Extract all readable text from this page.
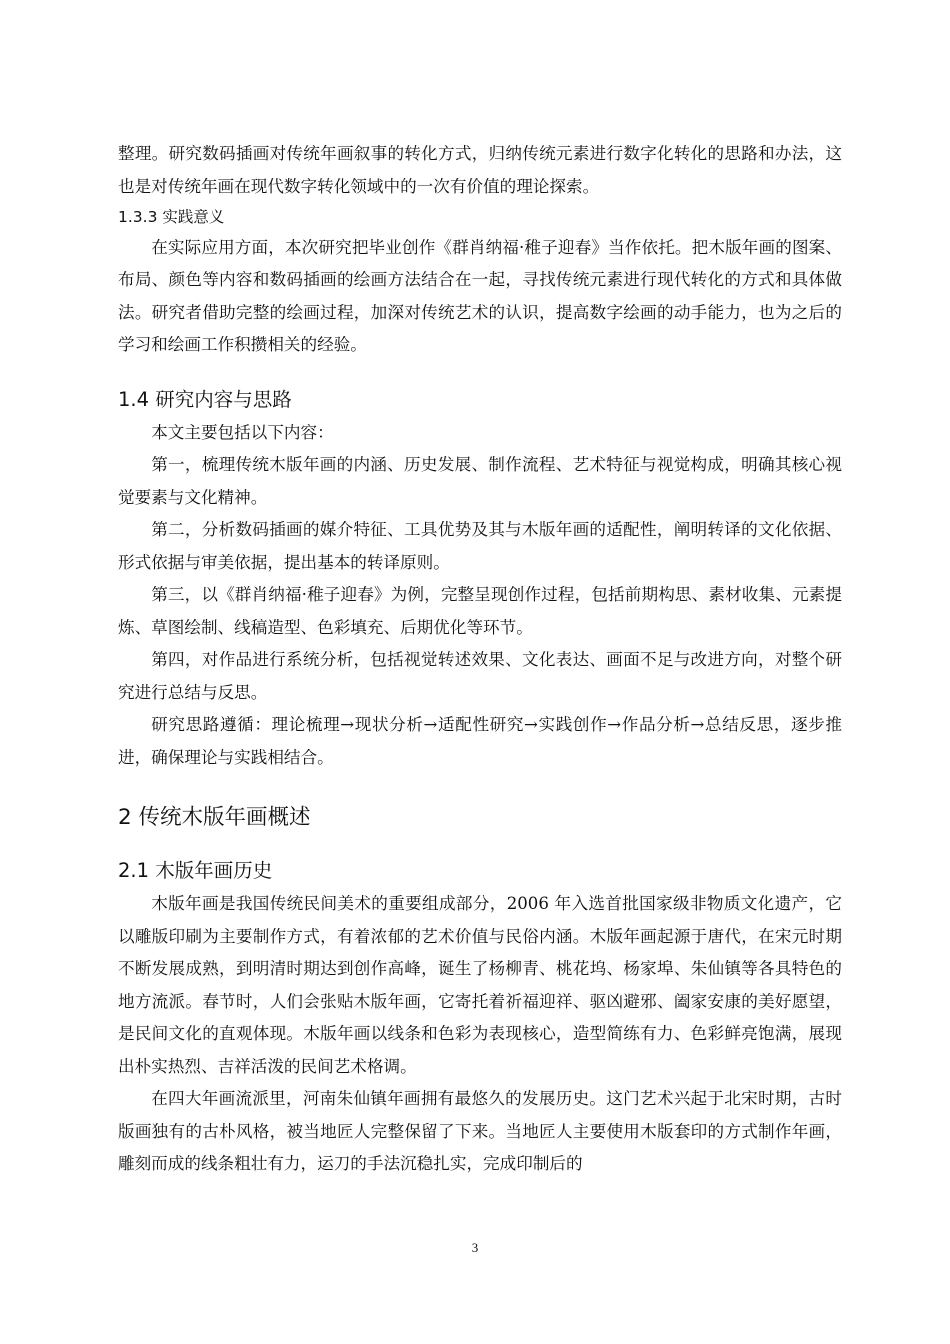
整理。研究数码插画对传统年画叙事的转化方式，归纳传统元素进行数字化转化的思路和办法，这也是对传统年画在现代数字转化领域中的一次有价值的理论探索。

1.3.3 实践意义

在实际应用方面，本次研究把毕业创作《群肖纳福·稚子迎春》当作依托。把木版年画的图案、布局、颜色等内容和数码插画的绘画方法结合在一起，寻找传统元素进行现代转化的方式和具体做法。研究者借助完整的绘画过程，加深对传统艺术的认识，提高数字绘画的动手能力，也为之后的学习和绘画工作积攒相关的经验。

1.4 研究内容与思路

本文主要包括以下内容：

第一，梳理传统木版年画的内涵、历史发展、制作流程、艺术特征与视觉构成，明确其核心视觉要素与文化精神。

第二，分析数码插画的媒介特征、工具优势及其与木版年画的适配性，阐明转译的文化依据、形式依据与审美依据，提出基本的转译原则。

第三，以《群肖纳福·稚子迎春》为例，完整呈现创作过程，包括前期构思、素材收集、元素提炼、草图绘制、线稿造型、色彩填充、后期优化等环节。

第四，对作品进行系统分析，包括视觉转述效果、文化表达、画面不足与改进方向，对整个研究进行总结与反思。

研究思路遵循：理论梳理→现状分析→适配性研究→实践创作→作品分析→总结反思，逐步推进，确保理论与实践相结合。

2 传统木版年画概述
2.1 木版年画历史

木版年画是我国传统民间美术的重要组成部分，2006 年入选首批国家级非物质文化遗产，它以雕版印刷为主要制作方式，有着浓郁的艺术价值与民俗内涵。木版年画起源于唐代，在宋元时期不断发展成熟，到明清时期达到创作高峰，诞生了杨柳青、桃花坞、杨家埠、朱仙镇等各具特色的地方流派。春节时，人们会张贴木版年画，它寄托着祈福迎祥、驱凶避邪、阖家安康的美好愿望，是民间文化的直观体现。木版年画以线条和色彩为表现核心，造型简练有力、色彩鲜亮饱满，展现出朴实热烈、吉祥活泼的民间艺术格调。

在四大年画流派里，河南朱仙镇年画拥有最悠久的发展历史。这门艺术兴起于北宋时期，古时版画独有的古朴风格，被当地匠人完整保留了下来。当地匠人主要使用木版套印的方式制作年画，雕刻而成的线条粗壮有力，运刀的手法沉稳扎实，完成印制后的

3
